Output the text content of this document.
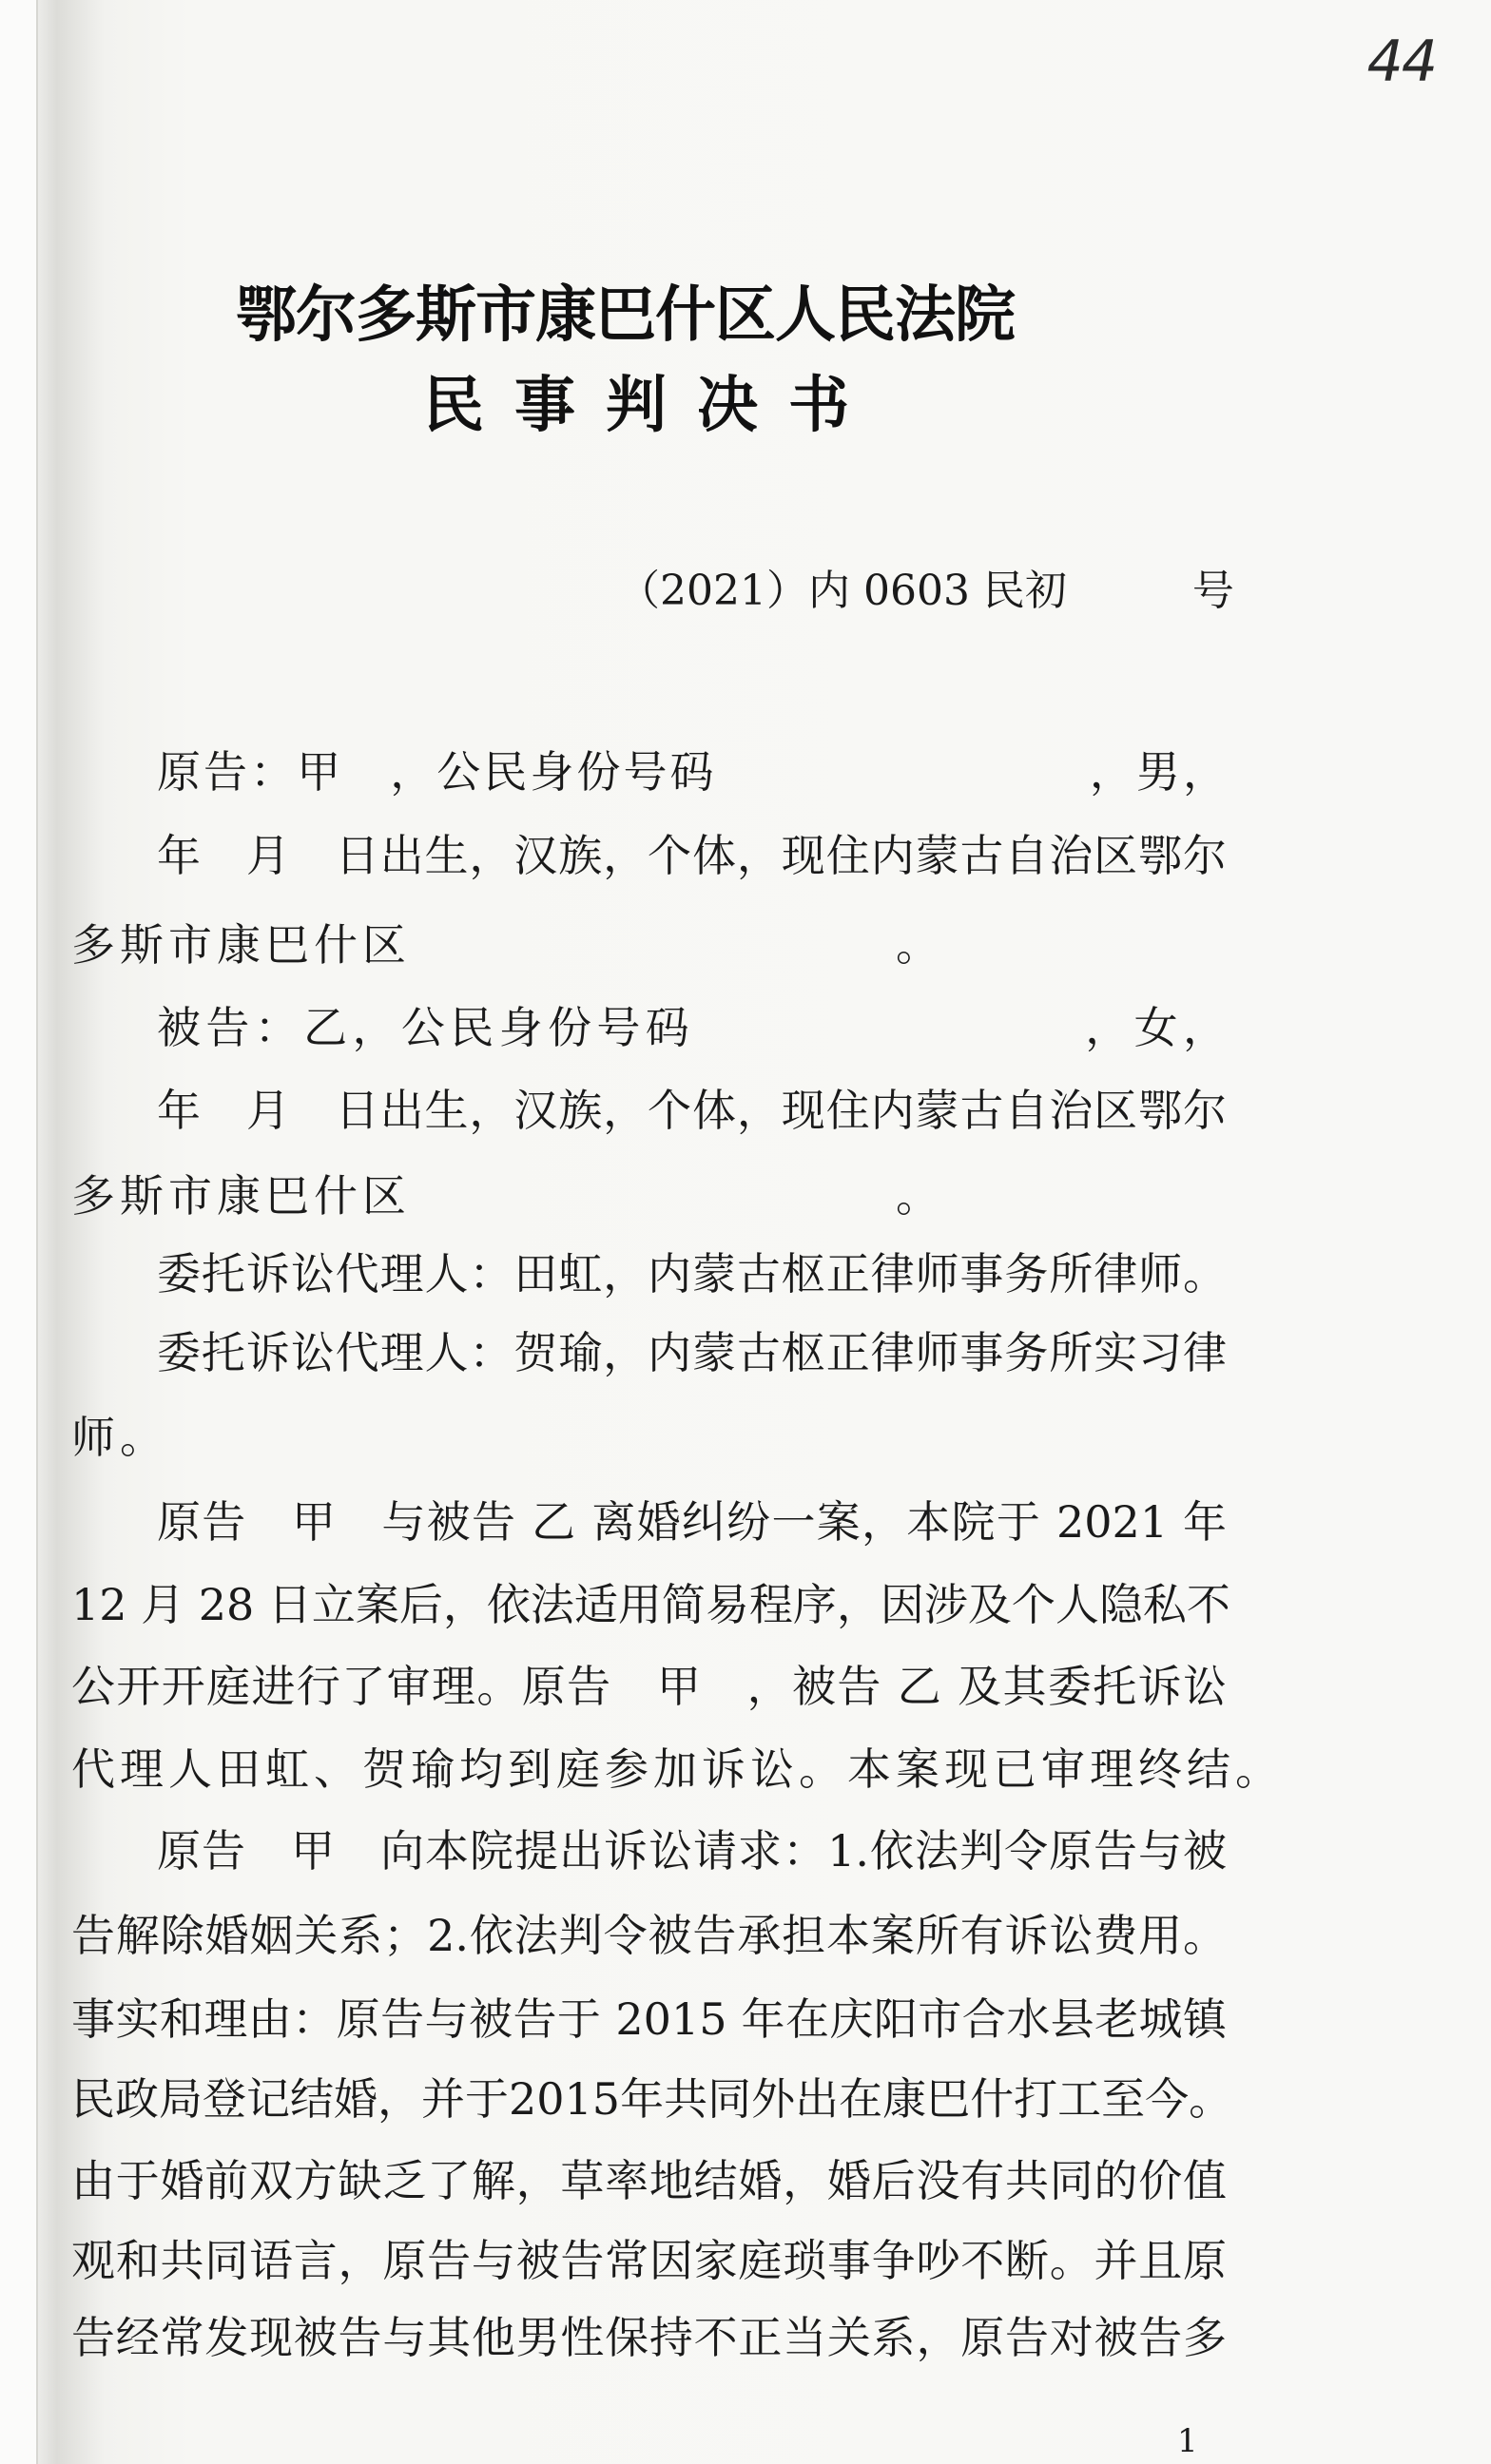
44
鄂尔多斯市康巴什区人民法院
民事判决书
（2021）内 0603 民初　　　号
原告：甲　，公民身份号码　　　　　　　　，男，
年　月　日出生，汉族，个体，现住内蒙古自治区鄂尔
多斯市康巴什区　　　　　　　　　　。
被告：乙，公民身份号码　　　　　　　　，女，
年　月　日出生，汉族，个体，现住内蒙古自治区鄂尔
多斯市康巴什区　　　　　　　　　　。
委托诉讼代理人：田虹，内蒙古枢正律师事务所律师。
委托诉讼代理人：贺瑜，内蒙古枢正律师事务所实习律
师。
原告　甲　与被告 乙 离婚纠纷一案，本院于 2021 年
12 月 28 日立案后，依法适用简易程序，因涉及个人隐私不
公开开庭进行了审理。原告　甲　，被告 乙 及其委托诉讼
代理人田虹、贺瑜均到庭参加诉讼。本案现已审理终结。
原告　甲　向本院提出诉讼请求：1.依法判令原告与被
告解除婚姻关系；2.依法判令被告承担本案所有诉讼费用。
事实和理由：原告与被告于 2015 年在庆阳市合水县老城镇
民政局登记结婚，并于2015年共同外出在康巴什打工至今。
由于婚前双方缺乏了解，草率地结婚，婚后没有共同的价值
观和共同语言，原告与被告常因家庭琐事争吵不断。并且原
告经常发现被告与其他男性保持不正当关系，原告对被告多
1
